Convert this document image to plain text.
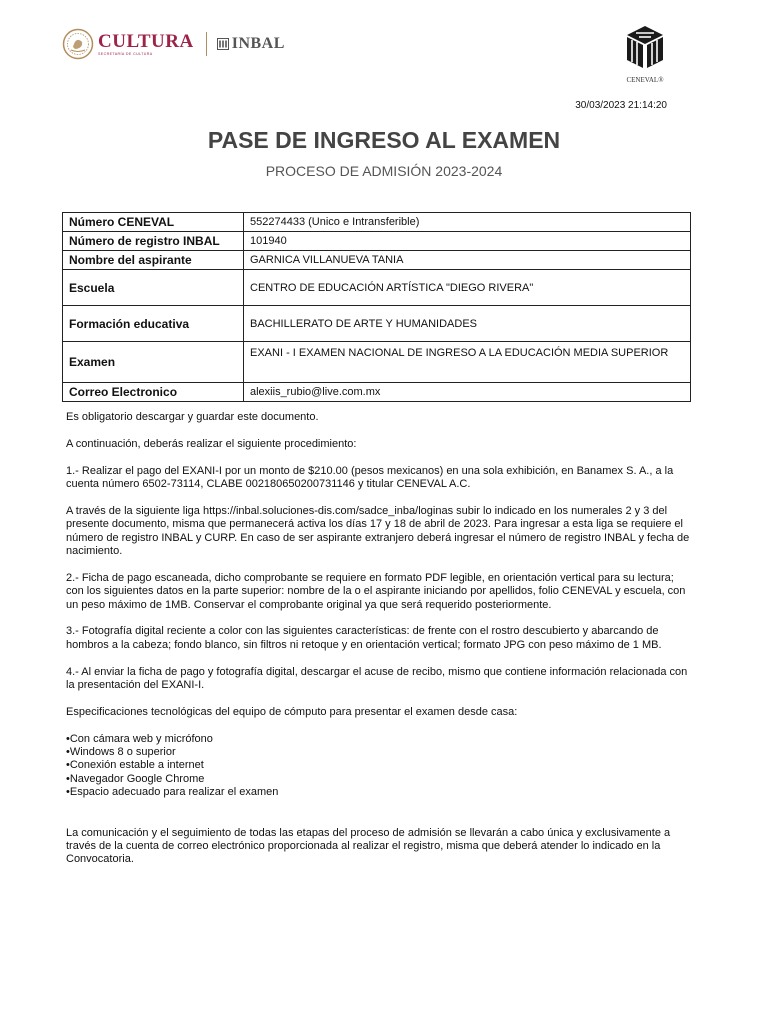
CULTURA
SECRETARÍA DE CULTURA
INBAL
CENEVAL®
30/03/2023 21:14:20
PASE DE INGRESO AL EXAMEN
PROCESO DE ADMISIÓN 2023-2024
Número CENEVAL	552274433 (Unico e Intransferible)
Número de registro INBAL	101940
Nombre del aspirante	GARNICA VILLANUEVA TANIA
Escuela	CENTRO DE EDUCACIÓN ARTÍSTICA "DIEGO RIVERA"
Formación educativa	BACHILLERATO DE ARTE Y HUMANIDADES
Examen	EXANI - I EXAMEN NACIONAL DE INGRESO A LA EDUCACIÓN MEDIA SUPERIOR
Correo Electronico	alexiis_rubio@live.com.mx

Es obligatorio descargar y guardar este documento.

A continuación, deberás realizar el siguiente procedimiento:

1.- Realizar el pago del EXANI-I por un monto de $210.00 (pesos mexicanos) en una sola exhibición, en Banamex S. A., a la cuenta número 6502-73114, CLABE 002180650200731146 y titular CENEVAL A.C.

A través de la siguiente liga https://inbal.soluciones-dis.com/sadce_inba/loginas subir lo indicado en los numerales 2 y 3 del presente documento, misma que permanecerá activa los días 17 y 18 de abril de 2023. Para ingresar a esta liga se requiere el número de registro INBAL y CURP. En caso de ser aspirante extranjero deberá ingresar el número de registro INBAL y fecha de nacimiento.

2.- Ficha de pago escaneada, dicho comprobante se requiere en formato PDF legible, en orientación vertical para su lectura; con los siguientes datos en la parte superior: nombre de la o el aspirante iniciando por apellidos, folio CENEVAL y escuela, con un peso máximo de 1MB. Conservar el comprobante original ya que será requerido posteriormente.

3.- Fotografía digital reciente a color con las siguientes características: de frente con el rostro descubierto y abarcando de hombros a la cabeza; fondo blanco, sin filtros ni retoque y en orientación vertical; formato JPG con peso máximo de 1 MB.

4.- Al enviar la ficha de pago y fotografía digital, descargar el acuse de recibo, mismo que contiene información relacionada con la presentación del EXANI-I.

Especificaciones tecnológicas del equipo de cómputo para presentar el examen desde casa:

•Con cámara web y micrófono
•Windows 8 o superior
•Conexión estable a internet
•Navegador Google Chrome
•Espacio adecuado para realizar el examen

La comunicación y el seguimiento de todas las etapas del proceso de admisión se llevarán a cabo única y exclusivamente a través de la cuenta de correo electrónico proporcionada al realizar el registro, misma que deberá atender lo indicado en la Convocatoria.
